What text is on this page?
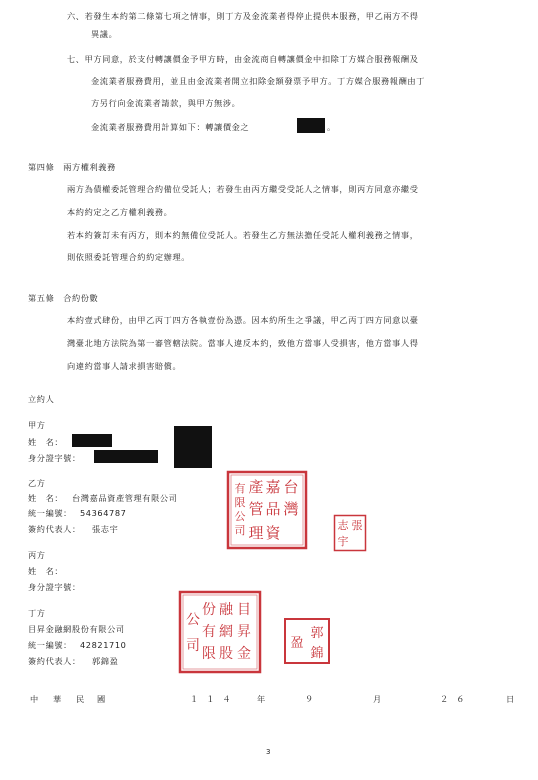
六、若發生本約第二條第七項之情事，則丁方及金流業者得停止提供本服務，甲乙兩方不得
異議。
七、甲方同意，於支付轉讓價金予甲方時，由金流商自轉讓價金中扣除丁方媒合服務報酬及
金流業者服務費用，並且由金流業者開立扣除金額發票予甲方。丁方媒合服務報酬由丁
方另行向金流業者請款，與甲方無涉。
金流業者服務費用計算如下：轉讓價金之	。
第四條　兩方權利義務
兩方為債權委託管理合約備位受託人；若發生由丙方繼受受託人之情事，則丙方同意亦繼受
本約約定之乙方權利義務。
若本約簽訂未有丙方，則本約無備位受託人。若發生乙方無法擔任受託人權利義務之情事，
則依照委託管理合約約定辦理。
第五條　合約份數
本約壹式肆份，由甲乙丙丁四方各執壹份為憑。因本約所生之爭議，甲乙丙丁四方同意以臺
灣臺北地方法院為第一審管轄法院。當事人違反本約，致他方當事人受損害，他方當事人得
向違約當事人請求損害賠償。
立約人
甲方
姓　名：
身分證字號：
乙方
姓　名： 台灣嘉品資產管理有限公司
統一編號： 54364787
簽約代表人： 張志宇
台
灣
嘉
品
資
產
管
理
有
限
公
司	張
志
宇
丙方
姓　名：
身分證字號：
丁方
目昇金融網股份有限公司
統一編號： 42821710
簽約代表人： 郭錦盈
目
昇
金
融
網
股
份
有
限
公
司
郭
錦
盈
中 華 民 國	１１４ 年	９	月	２６	日
3
